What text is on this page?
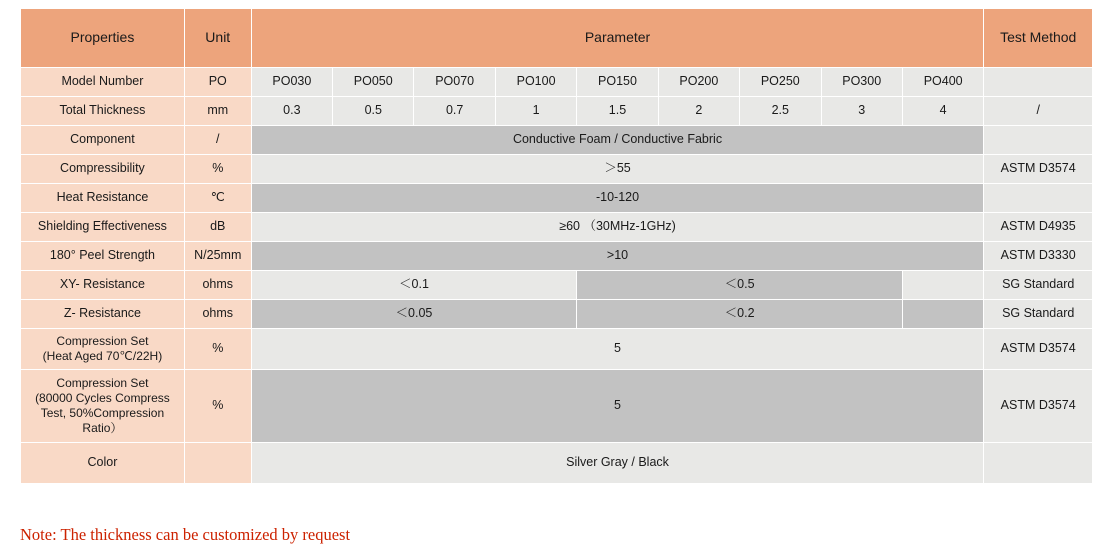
Properties	Unit	Parameter									Test Method
Model Number	PO	PO030	PO050	PO070	PO100	PO150	PO200	PO250	PO300	PO400	
Total Thickness	mm	0.3	0.5	0.7	1	1.5	2	2.5	3	4	/
Component	/	Conductive Foam / Conductive Fabric									
Compressibility	%	＞55									ASTM D3574
Heat Resistance	℃	-10-120									
Shielding Effectiveness	dB	≥60 （30MHz-1GHz)									ASTM D4935
180° Peel Strength	N/25mm	>10									ASTM D3330
XY- Resistance	ohms	＜0.1				＜0.5					SG Standard
Z- Resistance	ohms	＜0.05				＜0.2					SG Standard

Compression Set
(Heat Aged 70℃/22H)	%	5									ASTM D3574

Compression Set
(80000 Cycles Compress
Test, 50%Compression
Ratio）	%	5									ASTM D3574
Color		Silver Gray / Black									
Note: The thickness can be customized by request
